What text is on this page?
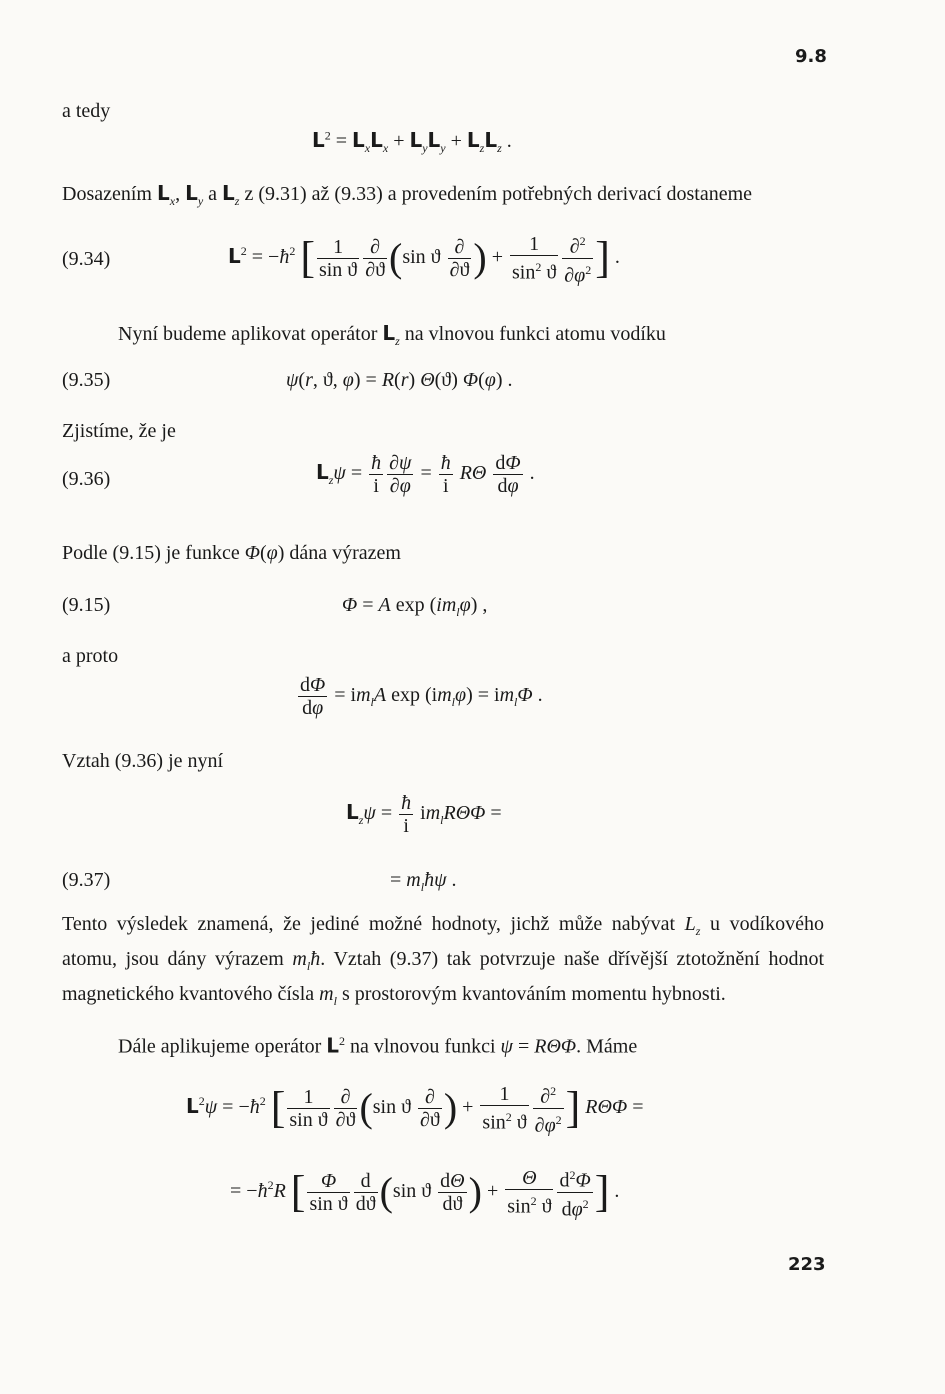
9.8
a tedy
$L^2 = L_xL_x + L_yL_y + L_zL_z$ .
Dosazením $L_x$, $L_y$ a $L_z$ z (9.31) až (9.33) a provedením potřebných derivací dostaneme
(9.34)	$L^2$ = $-ħ^2$ [ $\frac{1}{\text{sin ϑ}} \frac{\partial}{\partial ϑ} (\sin$ ϑ $\frac{\partial}{\partial ϑ}$ ) + $\frac{1}{\sin^2 ϑ} \frac{\partial^2}{\partial\varphi^2}$ ] .
Nyní budeme aplikovat operátor $L_z$ na vlnovou funkci atomu vodíku
(9.35)	ψ(r, ϑ, φ) = R(r) Θ(ϑ) Φ(φ) .
Zjistíme, že je
(9.36)	$L_z\psi = \frac{ħ}{i} \frac{\partial\psi}{\partial\varphi} = \frac{ħ}{i}$ RΘ $\frac{d\Phi}{d\varphi}$ .
Podle (9.15) je funkce Φ(φ) dána výrazem
(9.15)	Φ = A $\exp (im_l\varphi)$ ,
a proto
$\frac{d\Phi}{d\varphi} = im_lA$ $\exp (im_l\varphi) = im_l\Phi$ .
Vztah (9.36) je nyní
$L_z\psi = \frac{ħ}{i} im_lR\Theta\Phi$ =
(9.37)	= $m_lħ\psi$ .
Tento výsledek znamená, že jediné možné hodnoty, jichž může nabývat $L_z$ u vodíkového atomu, jsou dány výrazem $m_lħ$. Vztah (9.37) tak potvrzuje naše dřívější ztotožnění hodnot magnetického kvantového čísla $m_l$ s prostorovým kvantováním momentu hybnosti.
Dále aplikujeme operátor $L^2$ na vlnovou funkci ψ = RΘΦ. Máme
$L^2\psi$ = $-ħ^2$ [ $\frac{1}{\text{sin ϑ}} \frac{\partial}{\partial ϑ} (\sin$ ϑ $\frac{\partial}{\partial ϑ}$ ) + $\frac{1}{\sin^2 ϑ} \frac{\partial^2}{\partial\varphi^2}$ ] RΘΦ =
= $-ħ^2R$ [ $\frac{\Phi}{\text{sin ϑ}} \frac{d}{dϑ} (\sin$ ϑ $\frac{d\Theta}{dϑ}$ ) + $\frac{\Theta}{\sin^2 ϑ} \frac{d^2\Phi}{d\varphi^2}$ ] .
223
